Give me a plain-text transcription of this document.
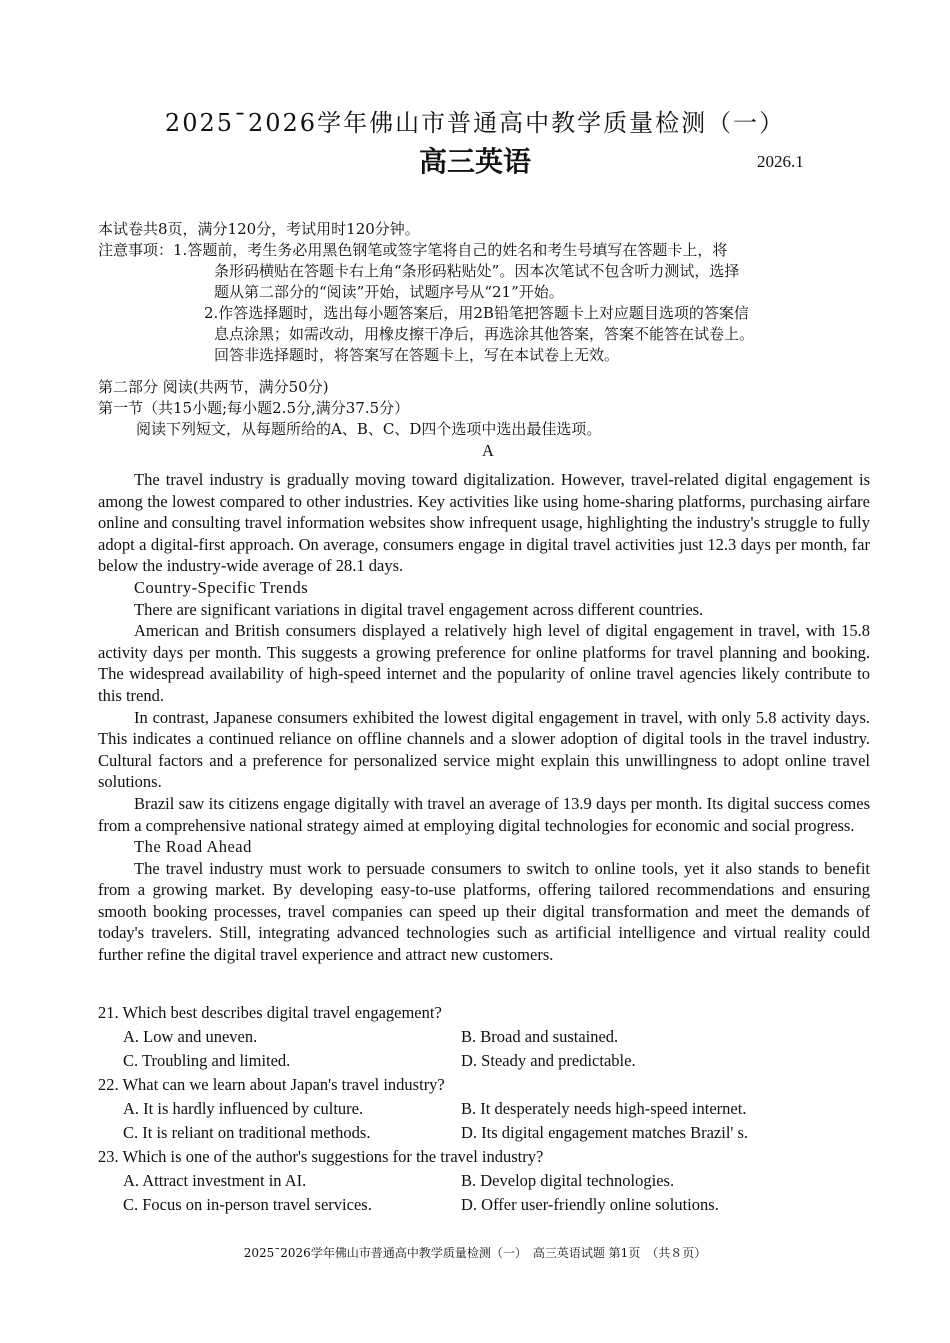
2025¯2026学年佛山市普通高中教学质量检测（一）
高三英语	2026.1
本试卷共8页，满分120分，考试用时120分钟。
注意事项：1.答题前，考生务必用黑色钢笔或签字笔将自己的姓名和考生号填写在答题卡上，将
条形码横贴在答题卡右上角“条形码粘贴处”。因本次笔试不包含听力测试，选择
题从第二部分的“阅读”开始，试题序号从“21”开始。
2.作答选择题时，选出每小题答案后，用2B铅笔把答题卡上对应题目选项的答案信
息点涂黑；如需改动，用橡皮擦干净后，再选涂其他答案，答案不能答在试卷上。
回答非选择题时，将答案写在答题卡上，写在本试卷上无效。
第二部分 阅读(共两节，满分50分)
第一节（共15小题;每小题2.5分,满分37.5分）
阅读下列短文，从每题所给的A、B、C、D四个选项中选出最佳选项。
A

The travel industry is gradually moving toward digitalization. However, travel-related digital engagement is among the lowest compared to other industries. Key activities like using home-sharing platforms, purchasing airfare online and consulting travel information websites show infrequent usage, highlighting the industry's struggle to fully adopt a digital-first approach. On average, consumers engage in digital travel activities just 12.3 days per month, far below the industry-wide average of 28.1 days.

Country-Specific Trends

There are significant variations in digital travel engagement across different countries.

American and British consumers displayed a relatively high level of digital engagement in travel, with 15.8 activity days per month. This suggests a growing preference for online platforms for travel planning and booking. The widespread availability of high-speed internet and the popularity of online travel agencies likely contribute to this trend.

In contrast, Japanese consumers exhibited the lowest digital engagement in travel, with only 5.8 activity days. This indicates a continued reliance on offline channels and a slower adoption of digital tools in the travel industry. Cultural factors and a preference for personalized service might explain this unwillingness to adopt online travel solutions.

Brazil saw its citizens engage digitally with travel an average of 13.9 days per month. Its digital success comes from a comprehensive national strategy aimed at employing digital technologies for economic and social progress.

The Road Ahead

The travel industry must work to persuade consumers to switch to online tools, yet it also stands to benefit from a growing market. By developing easy-to-use platforms, offering tailored recommendations and ensuring smooth booking processes, travel companies can speed up their digital transformation and meet the demands of today's travelers. Still, integrating advanced technologies such as artificial intelligence and virtual reality could further refine the digital travel experience and attract new customers.

21. Which best describes digital travel engagement?
A. Low and uneven.	B. Broad and sustained.
C. Troubling and limited.	D. Steady and predictable.
22. What can we learn about Japan's travel industry?
A. It is hardly influenced by culture.	B. It desperately needs high-speed internet.
C. It is reliant on traditional methods.	D. Its digital engagement matches Brazil' s.
23. Which is one of the author's suggestions for the travel industry?
A. Attract investment in AI.	B. Develop digital technologies.
C. Focus on in-person travel services.	D. Offer user-friendly online solutions.
2025¯2026学年佛山市普通高中教学质量检测（一）　高三英语试题 第1页　（共８页）
